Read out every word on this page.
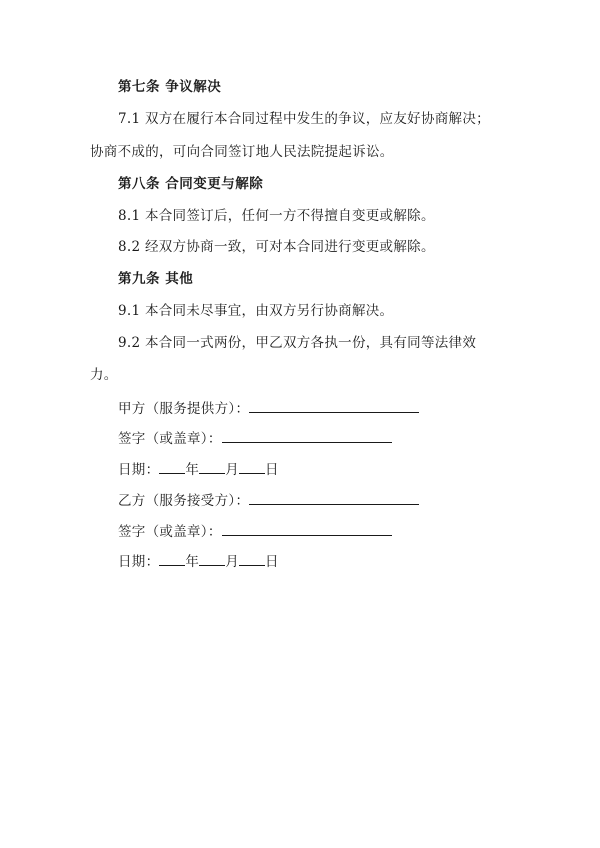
第七条 争议解决
7.1 双方在履行本合同过程中发生的争议，应友好协商解决；
协商不成的，可向合同签订地人民法院提起诉讼。
第八条 合同变更与解除
8.1 本合同签订后，任何一方不得擅自变更或解除。
8.2 经双方协商一致，可对本合同进行变更或解除。
第九条 其他
9.1 本合同未尽事宜，由双方另行协商解决。
9.2 本合同一式两份，甲乙双方各执一份，具有同等法律效
力。
甲方（服务提供方）：
签字（或盖章）：
日期： 年 月 日
乙方（服务接受方）：
签字（或盖章）：
日期： 年 月 日
